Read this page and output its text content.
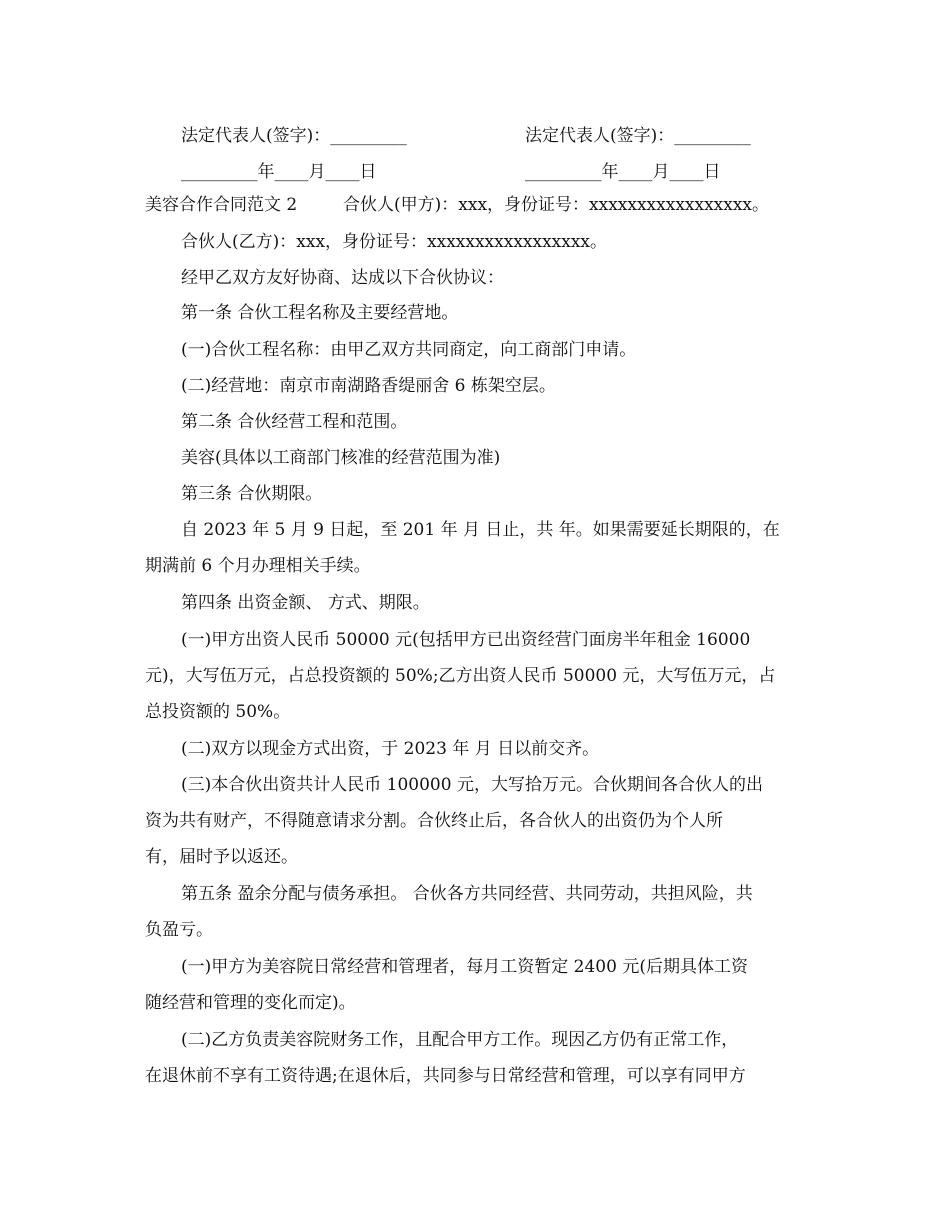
法定代表人(签字)：_________	法定代表人(签字)：_________
_________年____月____日	_________年____月____日
美容合作合同范文 2	合伙人(甲方)：xxx，身份证号：xxxxxxxxxxxxxxxxx。
合伙人(乙方)：xxx，身份证号：xxxxxxxxxxxxxxxxx。
经甲乙双方友好协商、达成以下合伙协议：
第一条 合伙工程名称及主要经营地。
(一)合伙工程名称：由甲乙双方共同商定，向工商部门申请。
(二)经营地：南京市南湖路香缇丽舍 6 栋架空层。
第二条 合伙经营工程和范围。
美容(具体以工商部门核准的经营范围为准)
第三条 合伙期限。
自 2023 年 5 月 9 日起，至 201 年 月 日止，共 年。如果需要延长期限的，在
期满前 6 个月办理相关手续。
第四条 出资金额、 方式、期限。
(一)甲方出资人民币 50000 元(包括甲方已出资经营门面房半年租金 16000
元)，大写伍万元，占总投资额的 50%;乙方出资人民币 50000 元，大写伍万元，占
总投资额的 50%。
(二)双方以现金方式出资，于 2023 年 月 日以前交齐。
(三)本合伙出资共计人民币 100000 元，大写拾万元。合伙期间各合伙人的出
资为共有财产，不得随意请求分割。合伙终止后，各合伙人的出资仍为个人所
有，届时予以返还。
第五条 盈余分配与债务承担。 合伙各方共同经营、共同劳动，共担风险，共
负盈亏。
(一)甲方为美容院日常经营和管理者，每月工资暂定 2400 元(后期具体工资
随经营和管理的变化而定)。
(二)乙方负责美容院财务工作，且配合甲方工作。现因乙方仍有正常工作，
在退休前不享有工资待遇;在退休后，共同参与日常经营和管理，可以享有同甲方
